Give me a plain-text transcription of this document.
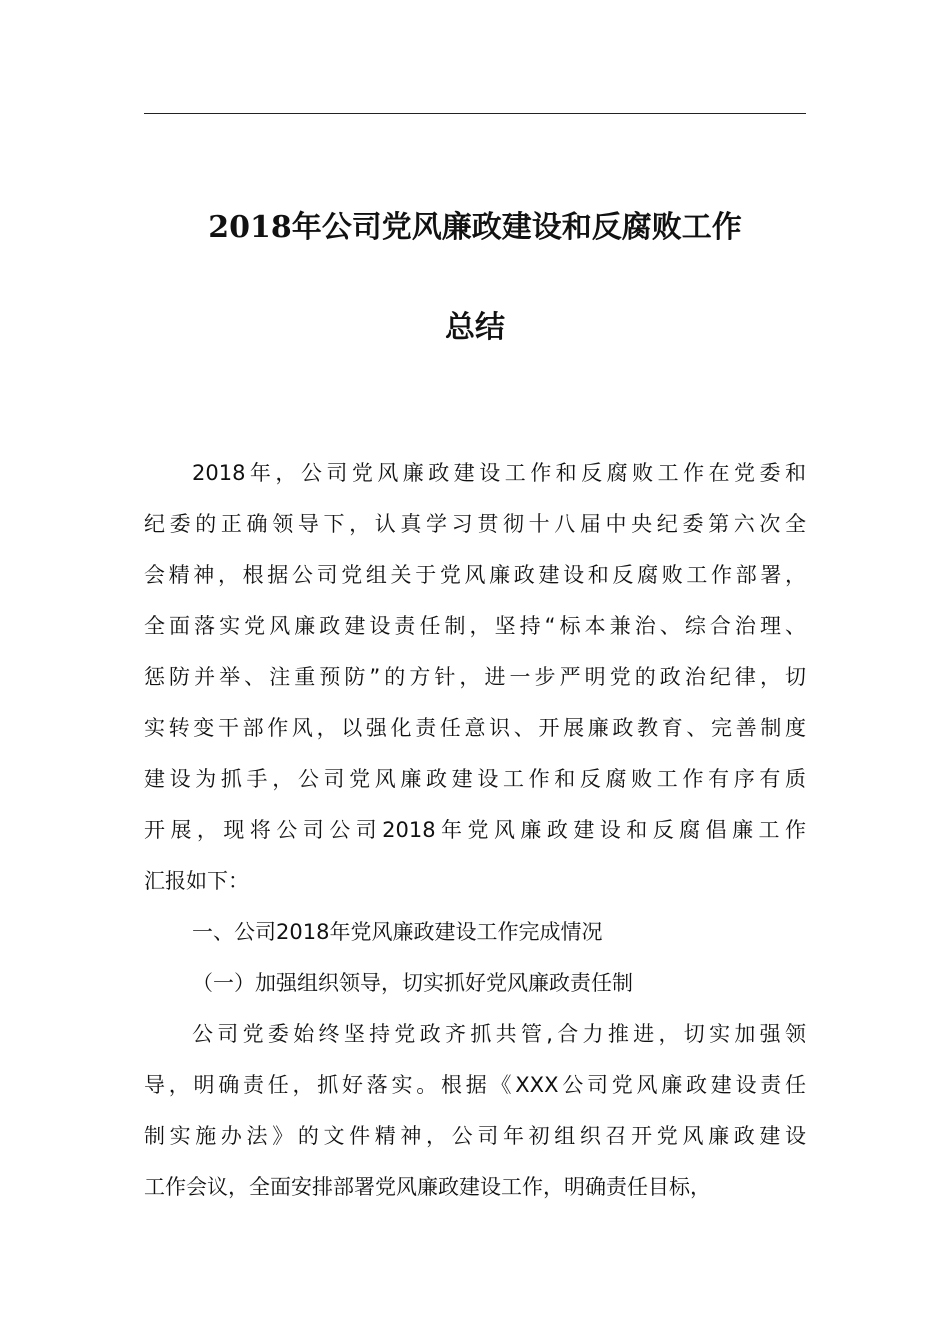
2018年公司党风廉政建设和反腐败工作
总结
2018年，公司党风廉政建设工作和反腐败工作在党委和
纪委的正确领导下，认真学习贯彻十八届中央纪委第六次全
会精神，根据公司党组关于党风廉政建设和反腐败工作部署，
全面落实党风廉政建设责任制，坚持“标本兼治、综合治理、
惩防并举、注重预防”的方针，进一步严明党的政治纪律，切
实转变干部作风，以强化责任意识、开展廉政教育、完善制度
建设为抓手，公司党风廉政建设工作和反腐败工作有序有质
开展，现将公司公司2018年党风廉政建设和反腐倡廉工作
汇报如下：
一、公司2018年党风廉政建设工作完成情况
（一）加强组织领导，切实抓好党风廉政责任制
公司党委始终坚持党政齐抓共管,合力推进，切实加强领
导，明确责任，抓好落实。根据《XXX公司党风廉政建设责任
制实施办法》的文件精神，公司年初组织召开党风廉政建设
工作会议，全面安排部署党风廉政建设工作，明确责任目标，
